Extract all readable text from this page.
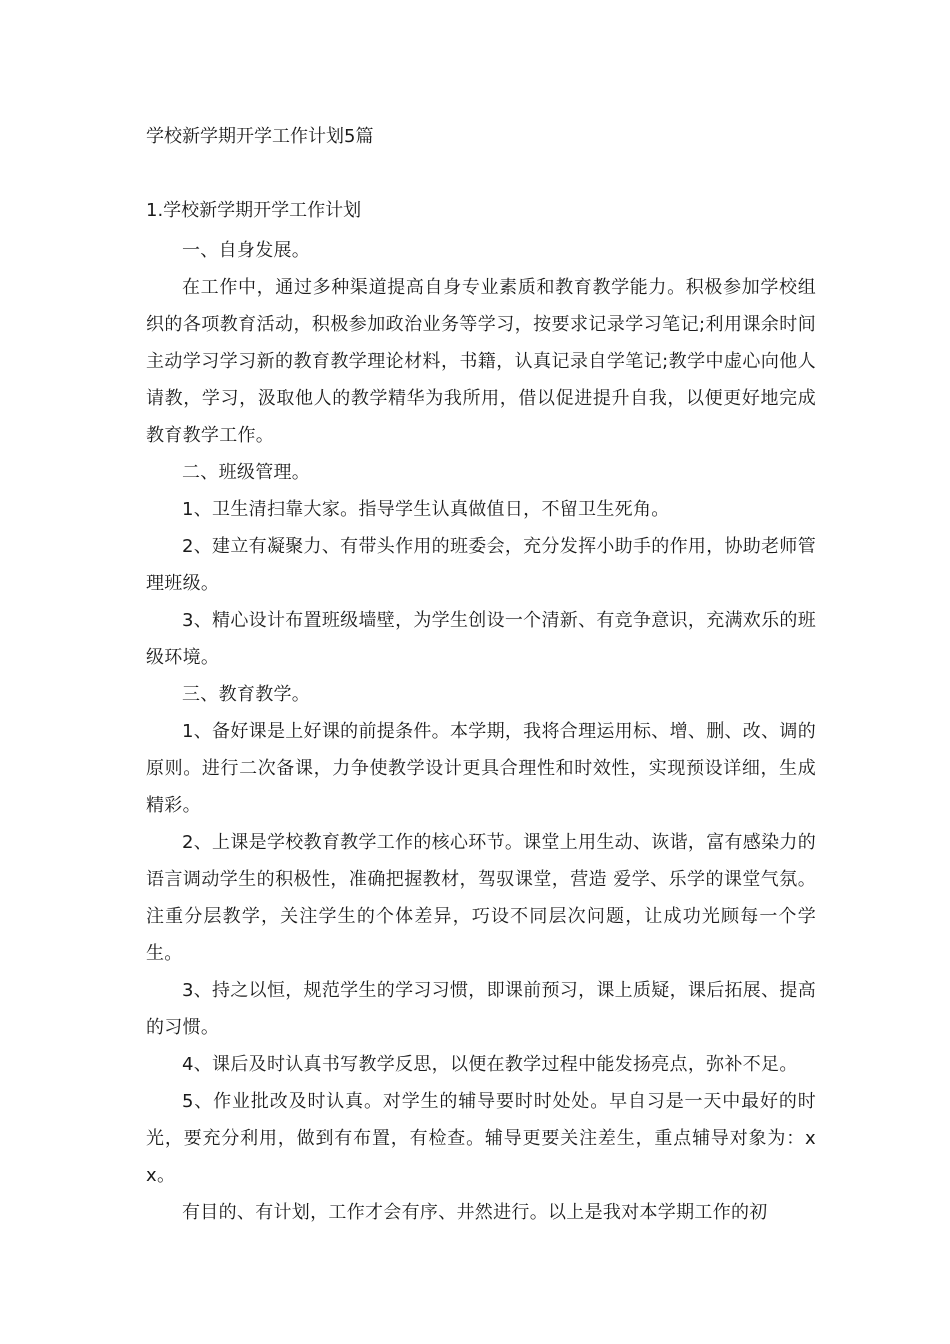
学校新学期开学工作计划5篇
1.学校新学期开学工作计划

一、自身发展。

在工作中，通过多种渠道提高自身专业素质和教育教学能力。积极参加学校组织的各项教育活动，积极参加政治业务等学习，按要求记录学习笔记;利用课余时间主动学习学习新的教育教学理论材料，书籍，认真记录自学笔记;教学中虚心向他人请教，学习，汲取他人的教学精华为我所用，借以促进提升自我，以便更好地完成教育教学工作。

二、班级管理。

1、卫生清扫靠大家。指导学生认真做值日，不留卫生死角。

2、建立有凝聚力、有带头作用的班委会，充分发挥小助手的作用，协助老师管理班级。

3、精心设计布置班级墙壁，为学生创设一个清新、有竞争意识，充满欢乐的班级环境。

三、教育教学。

1、备好课是上好课的前提条件。本学期，我将合理运用标、增、删、改、调的原则。进行二次备课，力争使教学设计更具合理性和时效性，实现预设详细，生成精彩。

2、上课是学校教育教学工作的核心环节。课堂上用生动、诙谐，富有感染力的语言调动学生的积极性，准确把握教材，驾驭课堂，营造 爱学、乐学的课堂气氛。注重分层教学，关注学生的个体差异，巧设不同层次问题，让成功光顾每一个学生。

3、持之以恒，规范学生的学习习惯，即课前预习，课上质疑，课后拓展、提高的习惯。

4、课后及时认真书写教学反思，以便在教学过程中能发扬亮点，弥补不足。

5、作业批改及时认真。对学生的辅导要时时处处。早自习是一天中最好的时光，要充分利用，做到有布置，有检查。辅导更要关注差生，重点辅导对象为：xx。

有目的、有计划，工作才会有序、井然进行。以上是我对本学期工作的初
